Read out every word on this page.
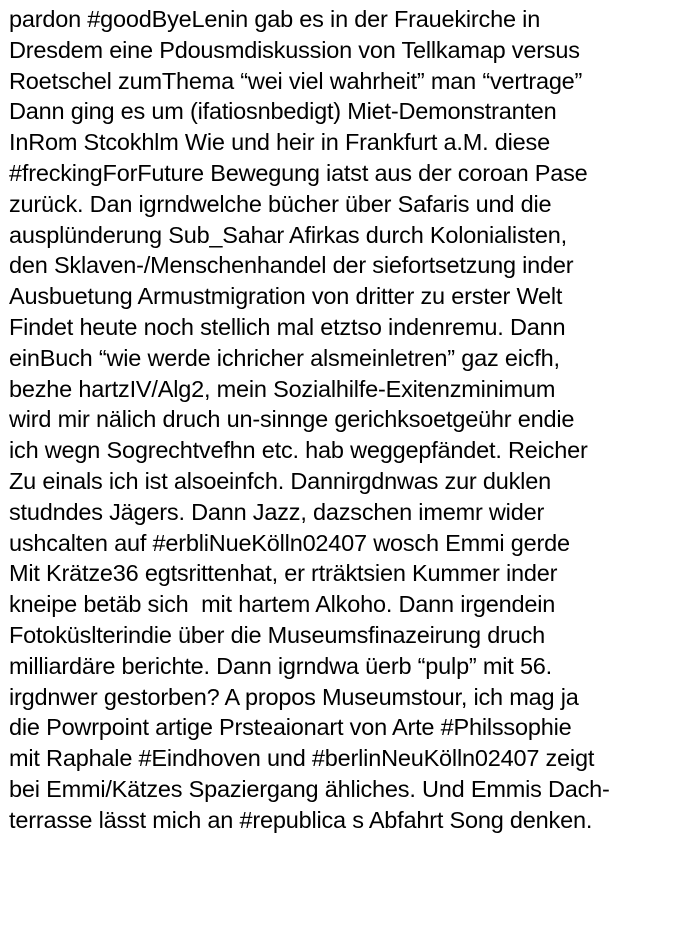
pardon #goodByeLenin gab es in der Frauekirche in
Dresdem eine Pdousmdiskussion von Tellkamap versus
Roetschel zumThema “wei viel wahrheit” man “vertrage”
Dann ging es um (ifatiosnbedigt) Miet-Demonstranten
InRom Stcokhlm Wie und heir in Frankfurt a.M. diese
#freckingForFuture Bewegung iatst aus der coroan Pase
zurück. Dan igrndwelche bücher über Safaris und die
ausplünderung Sub_Sahar Afirkas durch Kolonialisten,
den Sklaven-/Menschenhandel der siefortsetzung inder
Ausbuetung Armustmigration von dritter zu erster Welt
Findet heute noch stellich mal etztso indenremu. Dann
einBuch “wie werde ichricher alsmeinletren” gaz eicfh,
bezhe hartzIV/Alg2, mein Sozialhilfe-Exitenzminimum
wird mir nälich druch un-sinnge gerichksoetgeühr endie
ich wegn Sogrechtvefhn etc. hab weggepfändet. Reicher
Zu einals ich ist alsoeinfch. Dannirgdnwas zur duklen
studndes Jägers. Dann Jazz, dazschen imemr wider
ushcalten auf #erbliNueKölln02407 wosch Emmi gerde
Mit Krätze36 egtsrittenhat, er rträktsien Kummer inder
kneipe betäb sich  mit hartem Alkoho. Dann irgendein
Fotoküslterindie über die Museumsfinazeirung druch
milliardäre berichte. Dann igrndwa üerb “pulp” mit 56.
irgdnwer gestorben? A propos Museumstour, ich mag ja
die Powrpoint artige Prsteaionart von Arte #Philssophie
mit Raphale #Eindhoven und #berlinNeuKölln02407 zeigt
bei Emmi/Kätzes Spaziergang ähliches. Und Emmis Dach-
terrasse lässt mich an #republica s Abfahrt Song denken.
